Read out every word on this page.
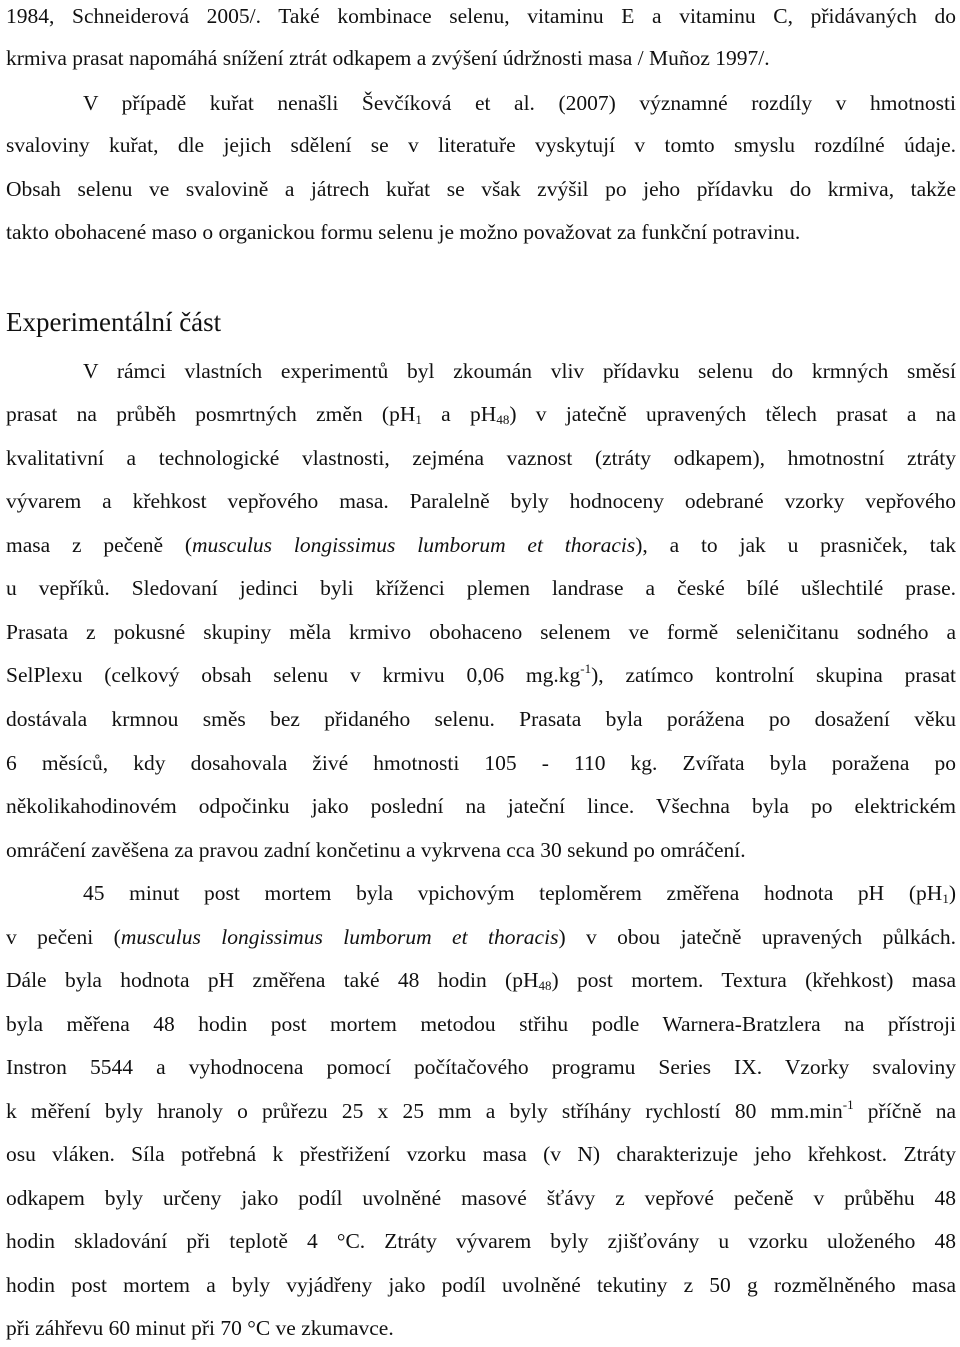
1984, Schneiderová 2005/. Také kombinace selenu, vitaminu E a vitaminu C, přidávaných do

krmiva prasat napomáhá snížení ztrát odkapem a zvýšení údržnosti masa / Muñoz 1997/.

V případě kuřat nenašli Ševčíková et al. (2007) významné rozdíly v hmotnosti

svaloviny kuřat, dle jejich sdělení se v literatuře vyskytují v tomto smyslu rozdílné údaje.

Obsah selenu ve svalovině a játrech kuřat se však zvýšil po jeho přídavku do krmiva, takže

takto obohacené maso o organickou formu selenu je možno považovat za funkční potravinu.

Experimentální část

V rámci vlastních experimentů byl zkoumán vliv přídavku selenu do krmných směsí

prasat na průběh posmrtných změn ($pH_1$ a $pH_{48}$) v jatečně upravených tělech prasat a na

kvalitativní a technologické vlastnosti, zejména vaznost (ztráty odkapem), hmotnostní ztráty

vývarem a křehkost vepřového masa. Paralelně byly hodnoceny odebrané vzorky vepřového

masa z pečeně (musculus longissimus lumborum et thoracis), a to jak u prasniček, tak

u vepříků. Sledovaní jedinci byli kříženci plemen landrase a české bílé ušlechtilé prase.

Prasata z pokusné skupiny měla krmivo obohaceno selenem ve formě seleničitanu sodného a

SelPlexu (celkový obsah selenu v krmivu 0,06 $mg.kg^{-1}$), zatímco kontrolní skupina prasat

dostávala krmnou směs bez přidaného selenu. Prasata byla porážena po dosažení věku

6 měsíců, kdy dosahovala živé hmotnosti 105 - 110 kg. Zvířata byla poražena po

několikahodinovém odpočinku jako poslední na jateční lince. Všechna byla po elektrickém

omráčení zavěšena za pravou zadní končetinu a vykrvena cca 30 sekund po omráčení.

45 minut post mortem byla vpichovým teploměrem změřena hodnota pH $(pH_1)$

v pečeni (musculus longissimus lumborum et thoracis) v obou jatečně upravených půlkách.

Dále byla hodnota pH změřena také 48 hodin $(pH_{48})$ post mortem. Textura (křehkost) masa

byla měřena 48 hodin post mortem metodou střihu podle Warnera-Bratzlera na přístroji

Instron 5544 a vyhodnocena pomocí počítačového programu Series IX. Vzorky svaloviny

k měření byly hranoly o průřezu 25 x 25 mm a byly stříhány rychlostí 80 $mm.\min^{-1}$ příčně na

osu vláken. Síla potřebná k přestřižení vzorku masa (v N) charakterizuje jeho křehkost. Ztráty

odkapem byly určeny jako podíl uvolněné masové šťávy z vepřové pečeně v průběhu 48

hodin skladování při teplotě 4 °C. Ztráty vývarem byly zjišťovány u vzorku uloženého 48

hodin post mortem a byly vyjádřeny jako podíl uvolněné tekutiny z 50 g rozmělněného masa

při záhřevu 60 minut při 70 °C ve zkumavce.
